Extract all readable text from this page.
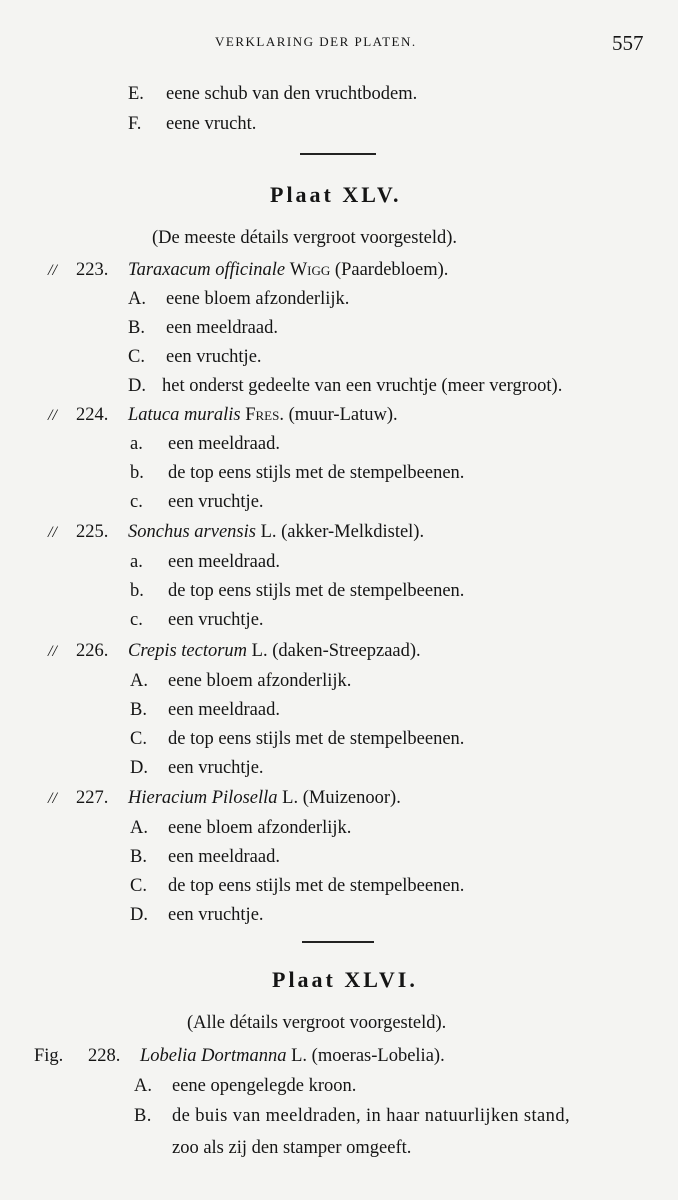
VERKLARING DER PLATEN.	557
E. eene schub van den vruchtbodem.
F. eene vrucht.
Plaat XLV.
(De meeste détails vergroot voorgesteld).
// 223. Taraxacum officinale Wigg (Paardebloem).
A. eene bloem afzonderlijk.
B. een meeldraad.
C. een vruchtje.
D. het onderst gedeelte van een vruchtje (meer vergroot).
// 224. Latuca muralis Fres. (muur-Latuw).
a. een meeldraad.
b. de top eens stijls met de stempelbeenen.
c. een vruchtje.
// 225. Sonchus arvensis L. (akker-Melkdistel).
a. een meeldraad.
b. de top eens stijls met de stempelbeenen.
c. een vruchtje.
// 226. Crepis tectorum L. (daken-Streepzaad).
A. eene bloem afzonderlijk.
B. een meeldraad.
C. de top eens stijls met de stempelbeenen.
D. een vruchtje.
// 227. Hieracium Pilosella L. (Muizenoor).
A. eene bloem afzonderlijk.
B. een meeldraad.
C. de top eens stijls met de stempelbeenen.
D. een vruchtje.
Plaat XLVI.
(Alle détails vergroot voorgesteld).
Fig. 228. Lobelia Dortmanna L. (moeras-Lobelia).
A. eene opengelegde kroon.
B. de buis van meeldraden, in haar natuurlijken stand,
zoo als zij den stamper omgeeft.
